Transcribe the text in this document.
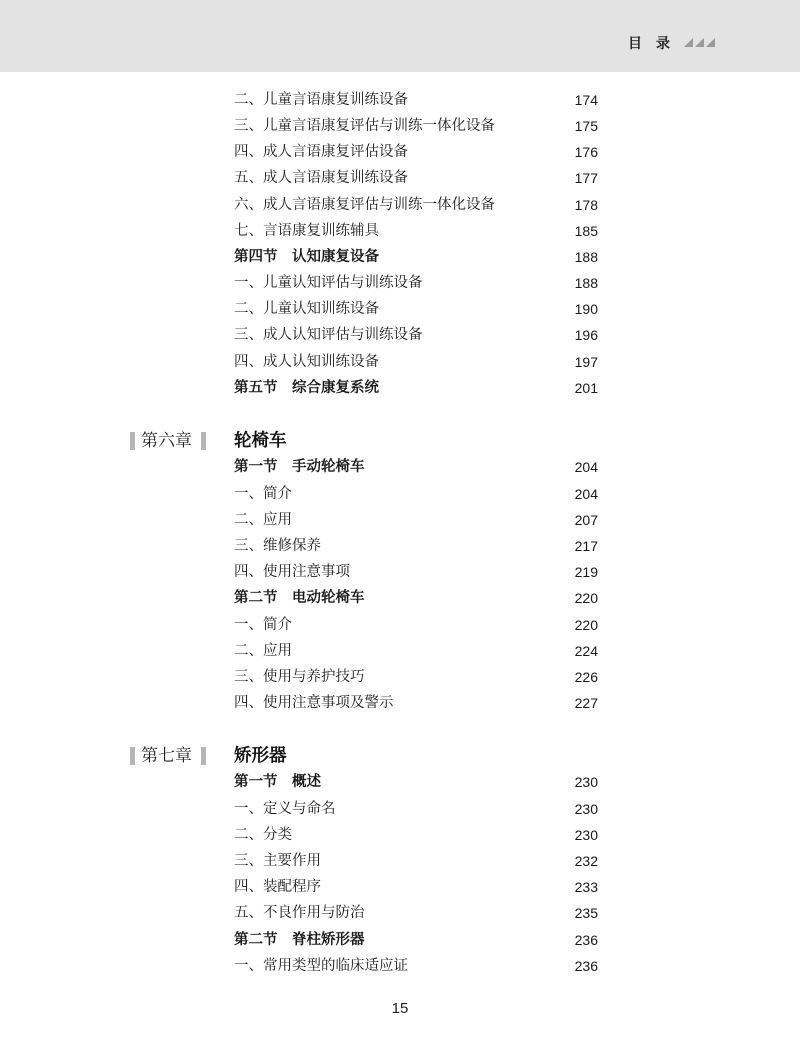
目录
二、儿童言语康复训练设备	174
三、儿童言语康复评估与训练一体化设备	175
四、成人言语康复评估设备	176
五、成人言语康复训练设备	177
六、成人言语康复评估与训练一体化设备	178
七、言语康复训练辅具	185
第四节　认知康复设备	188
一、儿童认知评估与训练设备	188
二、儿童认知训练设备	190
三、成人认知评估与训练设备	196
四、成人认知训练设备	197
第五节　综合康复系统	201
第六章 轮椅车
第一节　手动轮椅车	204
一、简介	204
二、应用	207
三、维修保养	217
四、使用注意事项	219
第二节　电动轮椅车	220
一、简介	220
二、应用	224
三、使用与养护技巧	226
四、使用注意事项及警示	227
第七章 矫形器
第一节　概述	230
一、定义与命名	230
二、分类	230
三、主要作用	232
四、装配程序	233
五、不良作用与防治	235
第二节　脊柱矫形器	236
一、常用类型的临床适应证	236
15
